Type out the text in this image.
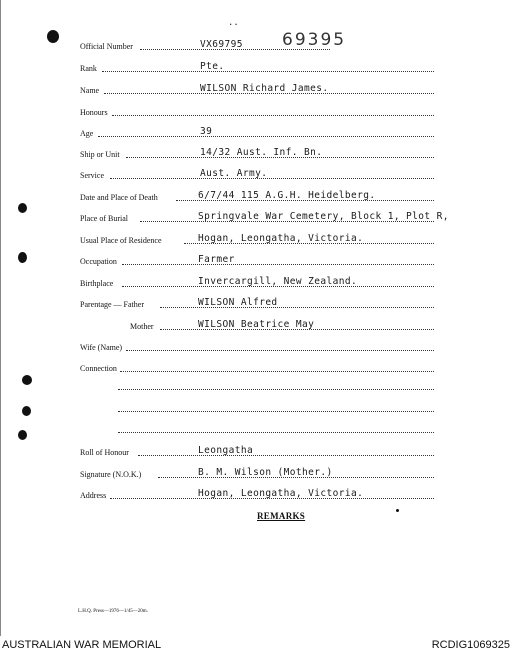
..
69395
Official Number	VX69795
Rank	Pte.
Name	WILSON Richard James.
Honours
Age	39
Ship or Unit	14/32 Aust. Inf. Bn.
Service	Aust. Army.
Date and Place of Death	6/7/44 115 A.G.H. Heidelberg.
Place of Burial	Springvale War Cemetery, Block 1, Plot R,
Usual Place of Residence	Hogan, Leongatha, Victoria.
Occupation	Farmer
Birthplace	Invercargill, New Zealand.
Parentage — Father	WILSON Alfred
Mother	WILSON Beatrice May
Wife (Name)
Connection
Roll of Honour	Leongatha
Signature (N.O.K.)	B. M. Wilson (Mother.)
Address	Hogan, Leongatha, Victoria.
REMARKS
L.H.Q. Press—1976—1/45—20m.
AUSTRALIAN WAR MEMORIAL	RCDIG1069325
